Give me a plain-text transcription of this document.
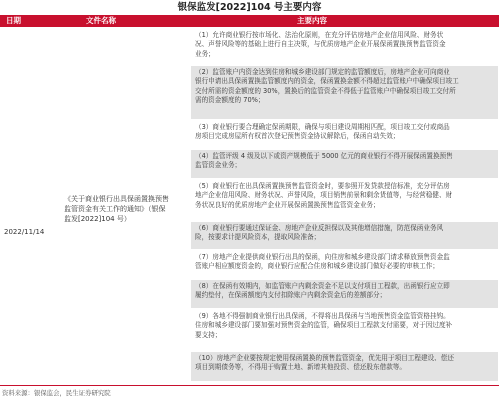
银保监发[2022]104 号主要内容
日期	文件名称	主要内容
2022/11/14
《关于商业银行出具保函置换预售
监管资金有关工作的通知》（银保
监发[2022]104 号）
（1）允许商业银行按市场化、法治化原则，在充分评估房地产企业信用风险、财务状
况、声誉风险等的基础上进行自主决策，与优质房地产企业开展保函置换预售监管资金
业务；
（2）监管账户内资金达到住房和城乡建设部门规定的监管额度后，房地产企业可向商业
银行申请出具保函置换监管额度内的资金，保函置换金额不得超过监管账户中确保项目竣工
交付所需的资金额度的 30%，置换后的监管资金不得低于监管账户中确保项目竣工交付所
需的资金额度的 70%；
（3）商业银行要合理确定保函期限，确保与项目建设周期相匹配，项目竣工交付或商品
房项目完成房屋所有权首次登记预售资金协议解除后，保函自动失效；
（4）监管评级 4 级及以下或资产规模低于 5000 亿元的商业银行不得开展保函置换预售
监管资金业务；
（5）商业银行在出具保函置换预售监管资金时，要参照开发贷款授信标准，充分评估房
地产企业信用风险、财务状况、声誉风险，项目销售前景和剩余货值等，与经营稳健、财
务状况良好的优质房地产企业开展保函置换预售监管资金业务；
（6）商业银行要通过保证金、房地产企业反担保以及其他增信措施，防范保函业务风
险，按要求计提风险资本，提取风险准备；
（7）房地产企业提供商业银行出具的保函，向住房和城乡建设部门请求释放预售资金监
管账户相应额度资金的，商业银行应配合住房和城乡建设部门做好必要的审核工作；
（8）在保函有效期内，如监管账户内剩余资金不足以支付项目工程款，出函银行应立即
履约垫付，在保函额度内支付扣除账户内剩余资金后的差额部分；
（9）各地不得强制商业银行出具保函，不得将出具保函与当地预售资金监管资格挂钩。
住房和城乡建设部门要加强对预售资金的监管，确保项目工程款支付需要，对于因过度补
要支持；
（10）房地产企业要按规定使用保函置换的预售监管资金，优先用于项目工程建设、偿还
项目到期债务等，不得用于购置土地、新增其他投资、偿还股东借款等。
资料来源：银保监会，民生证券研究院
